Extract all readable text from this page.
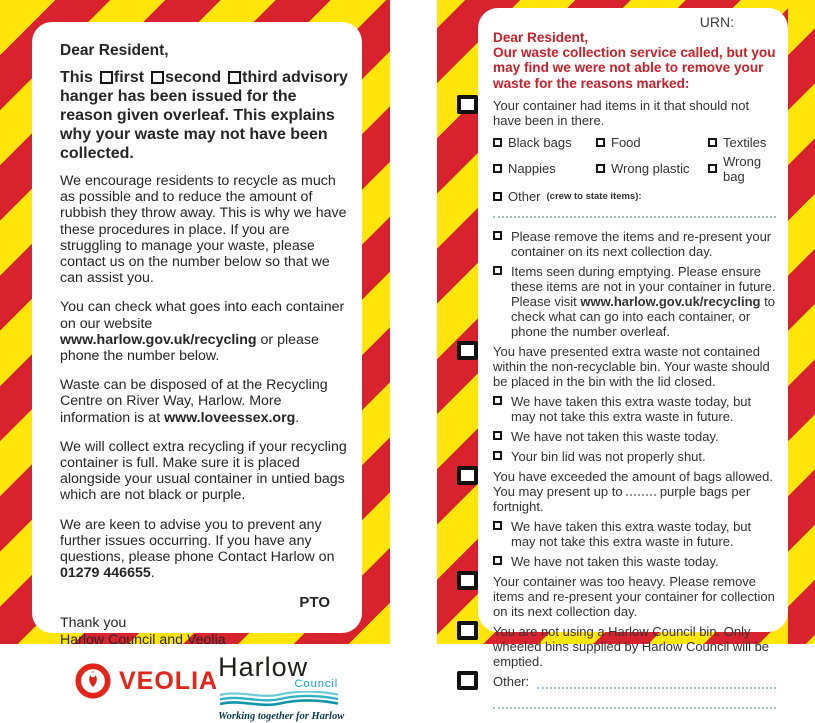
Dear Resident,

This first second third advisory hanger has been issued for the reason given overleaf. This explains why your waste may not have been collected.

We encourage residents to recycle as much as possible and to reduce the amount of rubbish they throw away. This is why we have these procedures in place. If you are struggling to manage your waste, please contact us on the number below so that we can assist you.

You can check what goes into each container on our website www.harlow.gov.uk/recycling or please phone the number below.

Waste can be disposed of at the Recycling Centre on River Way, Harlow. More information is at www.loveessex.org.

We will collect extra recycling if your recycling container is full. Make sure it is placed alongside your usual container in untied bags which are not black or purple.

We are keen to advise you to prevent any further issues occurring. If you have any questions, please phone Contact Harlow on 01279 446655.

PTO
Thank you
Harlow Council and Veolia
VEOLIA Harlow
Council
Working together for Harlow
URN:
Dear Resident,
Our waste collection service called, but you may find we were not able to remove your waste for the reasons marked:
Your container had items in it that should not have been in there.
Black bags	Food	Textiles
Nappies	Wrong plastic	Wrong bag
Other (crew to state items):
Please remove the items and re-present your container on its next collection day.
Items seen during emptying. Please ensure these items are not in your container in future. Please visit www.harlow.gov.uk/recycling to check what can go into each container, or phone the number overleaf.
You have presented extra waste not contained within the non-recyclable bin. Your waste should be placed in the bin with the lid closed.
We have taken this extra waste today, but may not take this extra waste in future.
We have not taken this waste today.
Your bin lid was not properly shut.
You have exceeded the amount of bags allowed. You may present up to  purple bags per fortnight.
We have taken this extra waste today, but may not take this extra waste in future.
We have not taken this waste today.
Your container was too heavy. Please remove items and re-present your container for collection on its next collection day.
You are not using a Harlow Council bin. Only wheeled bins supplied by Harlow Council will be emptied.
Other:
